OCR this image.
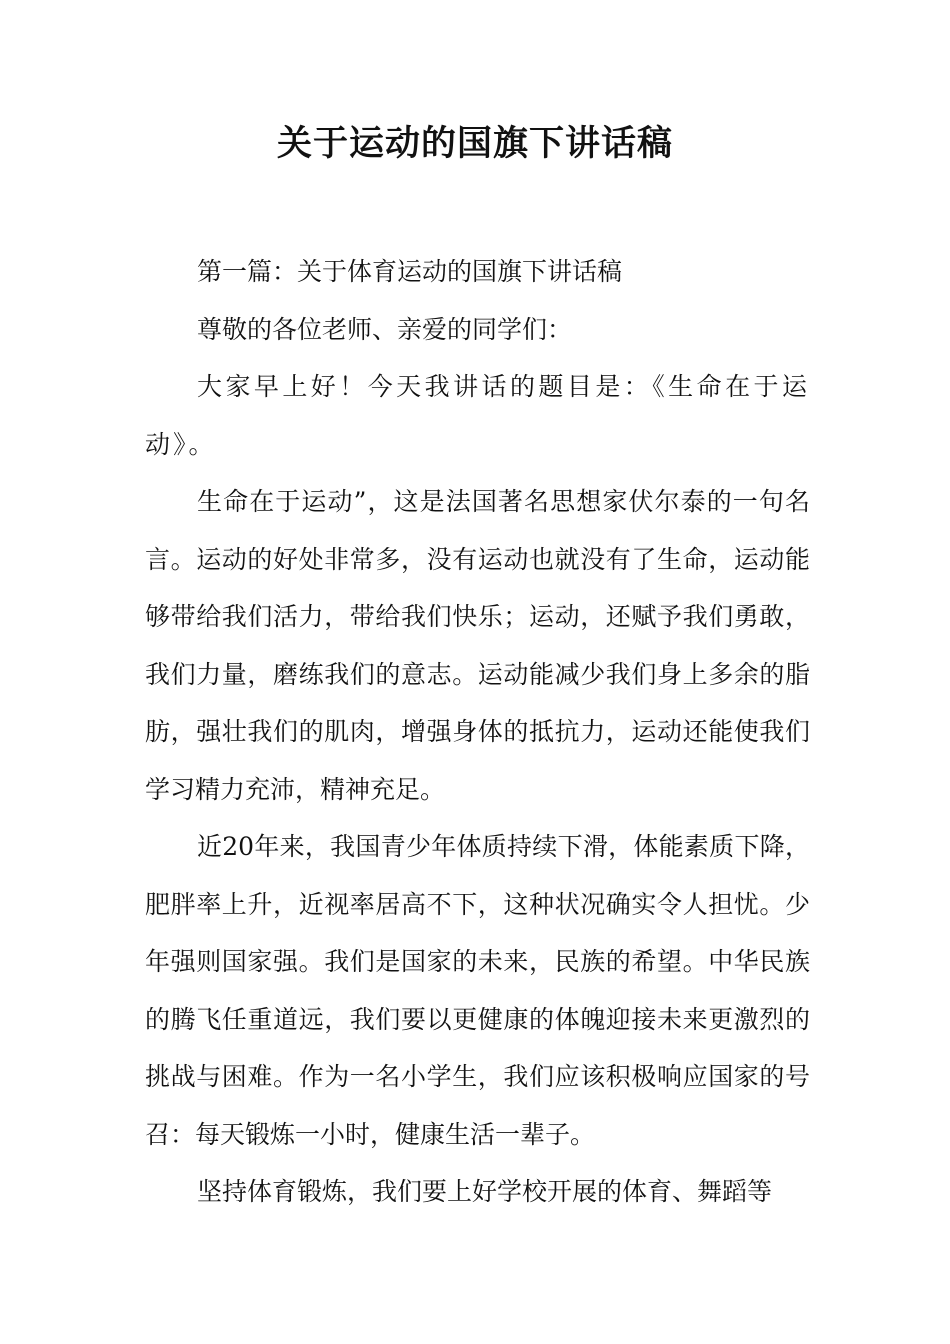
关于运动的国旗下讲话稿

第一篇：关于体育运动的国旗下讲话稿

尊敬的各位老师、亲爱的同学们：

大家早上好！今天我讲话的题目是：《生命在于运动》。

生命在于运动”，这是法国著名思想家伏尔泰的一句名言。运动的好处非常多，没有运动也就没有了生命，运动能够带给我们活力，带给我们快乐；运动，还赋予我们勇敢，我们力量，磨练我们的意志。运动能减少我们身上多余的脂肪，强壮我们的肌肉，增强身体的抵抗力，运动还能使我们学习精力充沛，精神充足。

近20年来，我国青少年体质持续下滑，体能素质下降，肥胖率上升，近视率居高不下，这种状况确实令人担忧。少年强则国家强。我们是国家的未来，民族的希望。中华民族的腾飞任重道远，我们要以更健康的体魄迎接未来更激烈的挑战与困难。作为一名小学生，我们应该积极响应国家的号召：每天锻炼一小时，健康生活一辈子。

坚持体育锻炼，我们要上好学校开展的体育、舞蹈等
